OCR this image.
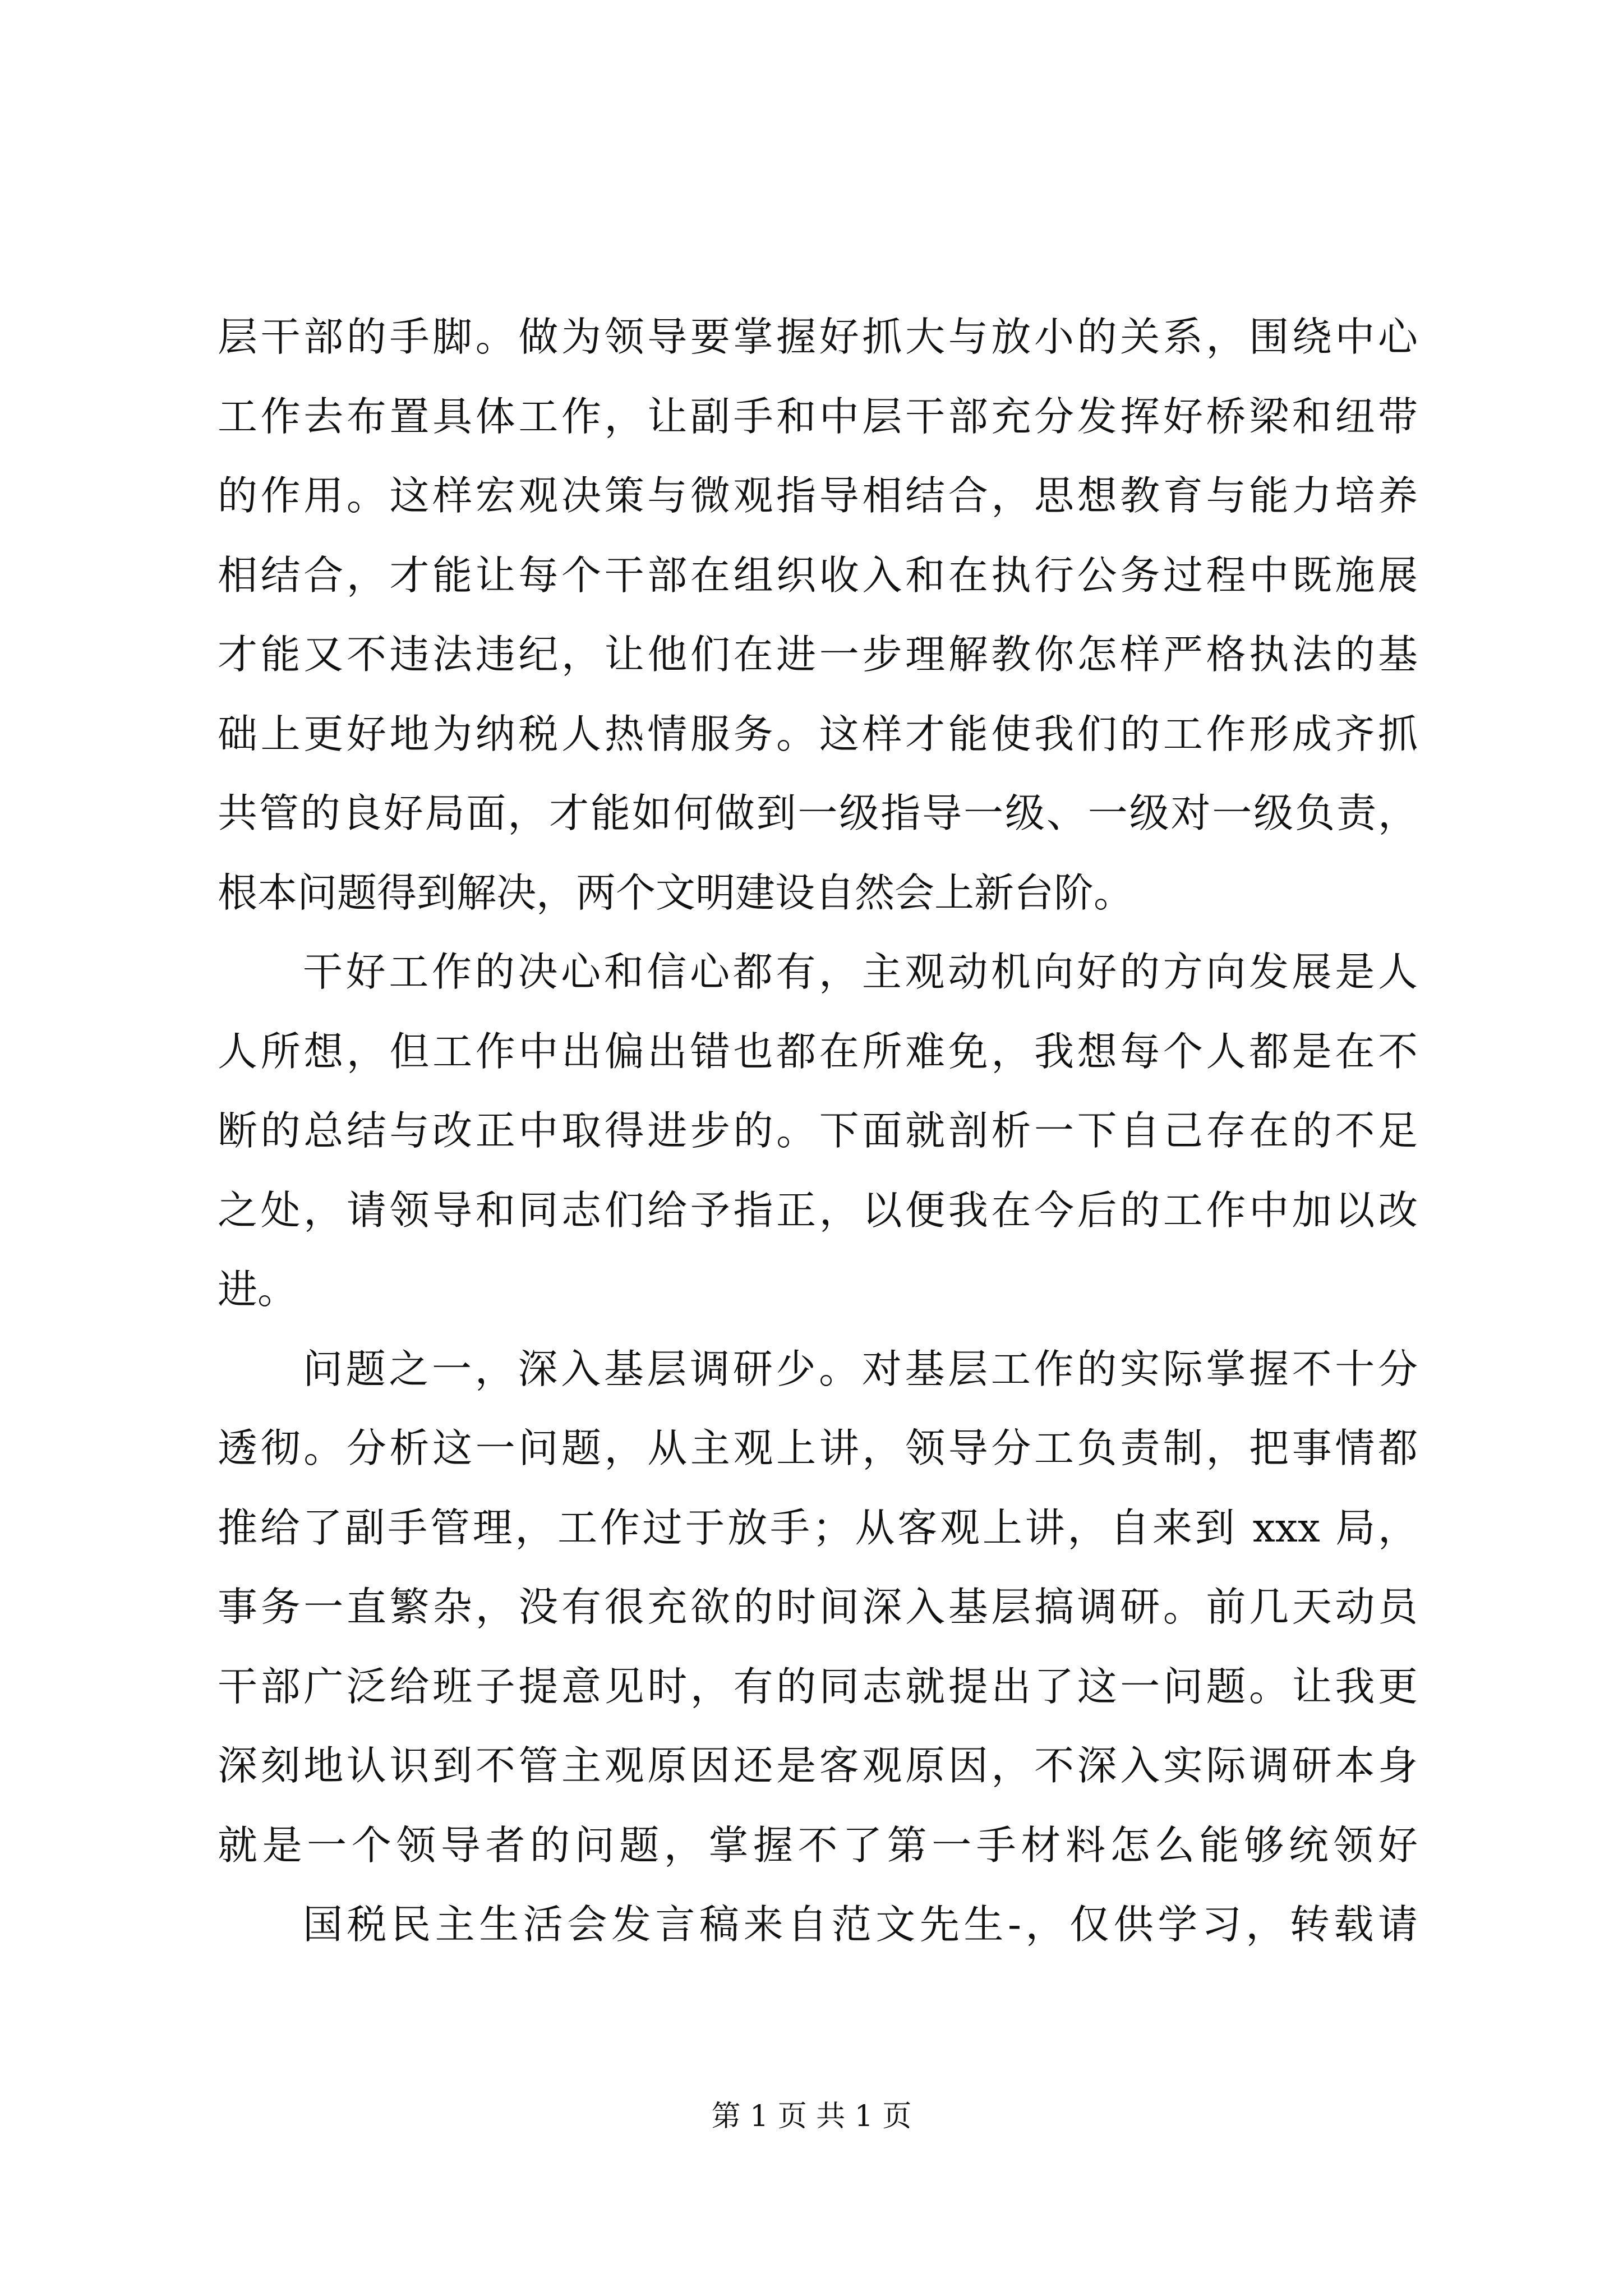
层干部的手脚。做为领导要掌握好抓大与放小的关系，围绕中心
工作去布置具体工作，让副手和中层干部充分发挥好桥梁和纽带
的作用。这样宏观决策与微观指导相结合，思想教育与能力培养
相结合，才能让每个干部在组织收入和在执行公务过程中既施展
才能又不违法违纪，让他们在进一步理解教你怎样严格执法的基
础上更好地为纳税人热情服务。这样才能使我们的工作形成齐抓
共管的良好局面，才能如何做到一级指导一级、一级对一级负责，
根本问题得到解决，两个文明建设自然会上新台阶。
干好工作的决心和信心都有，主观动机向好的方向发展是人
人所想，但工作中出偏出错也都在所难免，我想每个人都是在不
断的总结与改正中取得进步的。下面就剖析一下自己存在的不足
之处，请领导和同志们给予指正，以便我在今后的工作中加以改
进。
问题之一，深入基层调研少。对基层工作的实际掌握不十分
透彻。分析这一问题，从主观上讲，领导分工负责制，把事情都
推给了副手管理，工作过于放手；从客观上讲，自来到 xxx 局，
事务一直繁杂，没有很充欲的时间深入基层搞调研。前几天动员
干部广泛给班子提意见时，有的同志就提出了这一问题。让我更
深刻地认识到不管主观原因还是客观原因，不深入实际调研本身
就是一个领导者的问题，掌握不了第一手材料怎么能够统领好
国税民主生活会发言稿来自范文先生-，仅供学习，转载请
第 1 页 共 1 页
